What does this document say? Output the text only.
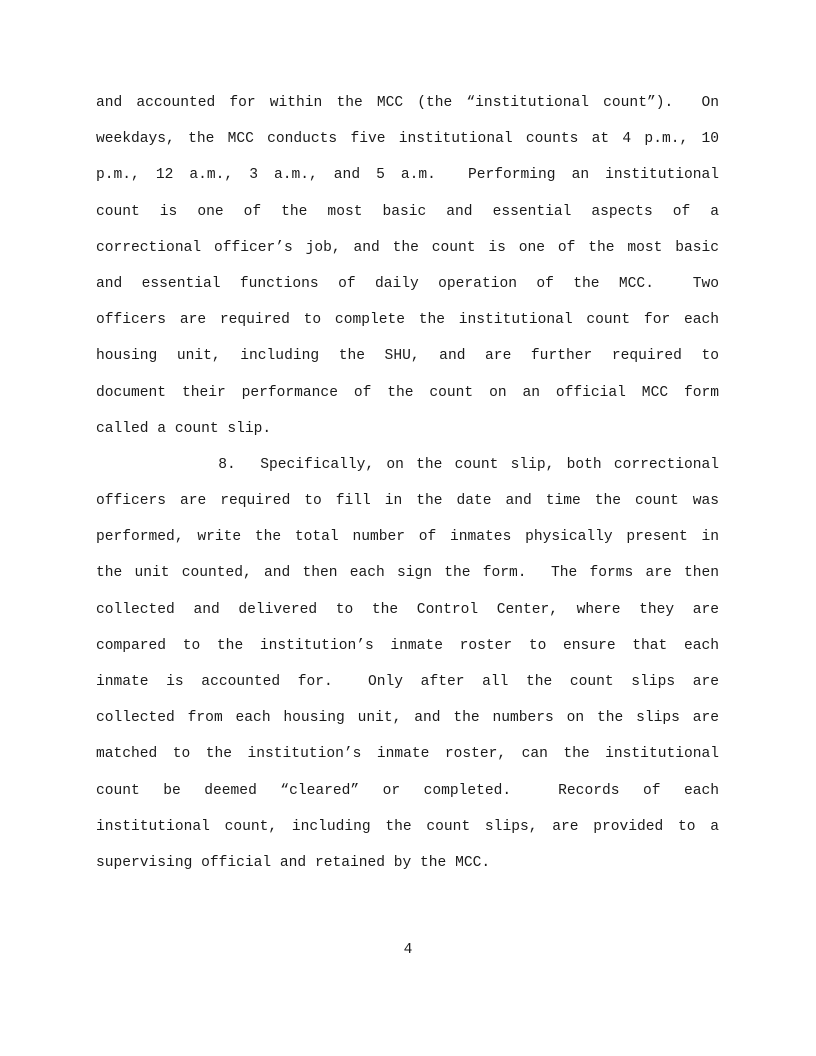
and accounted for within the MCC (the “institutional count”).  On
weekdays, the MCC conducts five institutional counts at 4 p.m., 10
p.m., 12 a.m., 3 a.m., and 5 a.m.  Performing an institutional
count is one of the most basic and essential aspects of a
correctional officer’s job, and the count is one of the most basic
and essential functions of daily operation of the MCC.  Two
officers are required to complete the institutional count for each
housing unit, including the SHU, and are further required to
document their performance of the count on an official MCC form
called a count slip.
8.  Specifically, on the count slip, both correctional
officers are required to fill in the date and time the count was
performed, write the total number of inmates physically present in
the unit counted, and then each sign the form.  The forms are then
collected and delivered to the Control Center, where they are
compared to the institution’s inmate roster to ensure that each
inmate is accounted for.  Only after all the count slips are
collected from each housing unit, and the numbers on the slips are
matched to the institution’s inmate roster, can the institutional
count be deemed “cleared” or completed.  Records of each
institutional count, including the count slips, are provided to a
supervising official and retained by the MCC.
4
